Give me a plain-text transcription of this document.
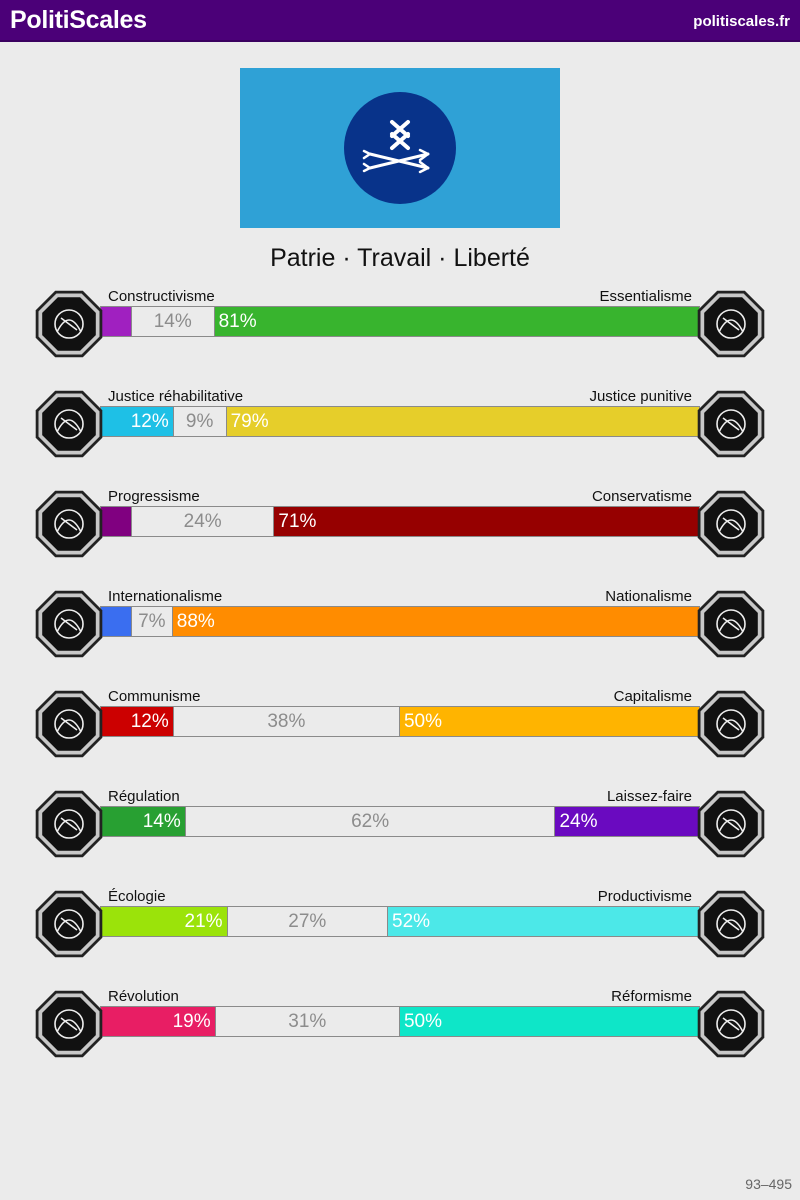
PolitiScales	politiscales.fr
Patrie · Travail · Liberté
14%	81%
Constructivisme	Essentialisme
12% 9% 79%
Justice réhabilitative	Justice punitive
24%	71%
Progressisme	Conservatisme
7% 88%
Internationalisme	Nationalisme
12%	38%	50%
Communisme	Capitalisme
14%	62%	24%
Régulation	Laissez-faire
21%	27%	52%
Écologie	Productivisme
19%	31%	50%
Révolution	Réformisme
93–495
